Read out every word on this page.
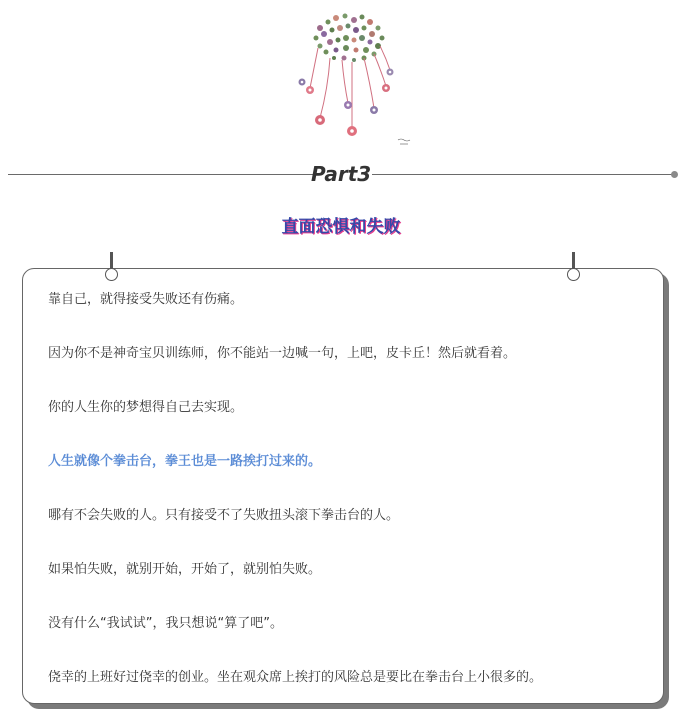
Part3
直面恐惧和失败
靠自己，就得接受失败还有伤痛。
因为你不是神奇宝贝训练师，你不能站一边喊一句，上吧，皮卡丘！然后就看着。
你的人生你的梦想得自己去实现。
人生就像个拳击台，拳王也是一路挨打过来的。
哪有不会失败的人。只有接受不了失败扭头滚下拳击台的人。
如果怕失败，就别开始，开始了，就别怕失败。
没有什么“我试试”，我只想说“算了吧”。
侥幸的上班好过侥幸的创业。坐在观众席上挨打的风险总是要比在拳击台上小很多的。
